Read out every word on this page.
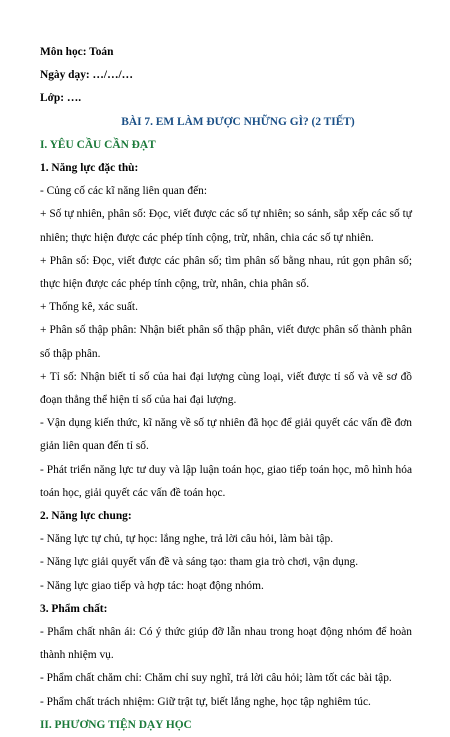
Môn học: Toán
Ngày dạy: …/…/…
Lớp: ….
BÀI 7. EM LÀM ĐƯỢC NHỮNG GÌ? (2 TIẾT)
I. YÊU CẦU CẦN ĐẠT
1. Năng lực đặc thù:
- Củng cố các kĩ năng liên quan đến:
+ Số tự nhiên, phân số: Đọc, viết được các số tự nhiên; so sánh, sắp xếp các số tự nhiên; thực hiện được các phép tính cộng, trừ, nhân, chia các số tự nhiên.
+ Phân số: Đọc, viết được các phân số; tìm phân số bằng nhau, rút gọn phân số; thực hiện được các phép tính cộng, trừ, nhân, chia phân số.
+ Thống kê, xác suất.
+ Phân số thập phân: Nhận biết phân số thập phân, viết được phân số thành phân số thập phân.
+ Tỉ số: Nhận biết tỉ số của hai đại lượng cùng loại, viết được tỉ số và vẽ sơ đồ đoạn thẳng thể hiện tỉ số của hai đại lượng.
- Vận dụng kiến thức, kĩ năng về số tự nhiên đã học để giải quyết các vấn đề đơn giản liên quan đến tỉ số.
- Phát triển năng lực tư duy và lập luận toán học, giao tiếp toán học, mô hình hóa toán học, giải quyết các vấn đề toán học.
2. Năng lực chung:
- Năng lực tự chủ, tự học: lắng nghe, trả lời câu hỏi, làm bài tập.
- Năng lực giải quyết vấn đề và sáng tạo: tham gia trò chơi, vận dụng.
- Năng lực giao tiếp và hợp tác: hoạt động nhóm.
3. Phẩm chất:
- Phẩm chất nhân ái: Có ý thức giúp đỡ lẫn nhau trong hoạt động nhóm để hoàn thành nhiệm vụ.
- Phẩm chất chăm chỉ: Chăm chỉ suy nghĩ, trả lời câu hỏi; làm tốt các bài tập.
- Phẩm chất trách nhiệm: Giữ trật tự, biết lắng nghe, học tập nghiêm túc.
II. PHƯƠNG TIỆN DẠY HỌC
